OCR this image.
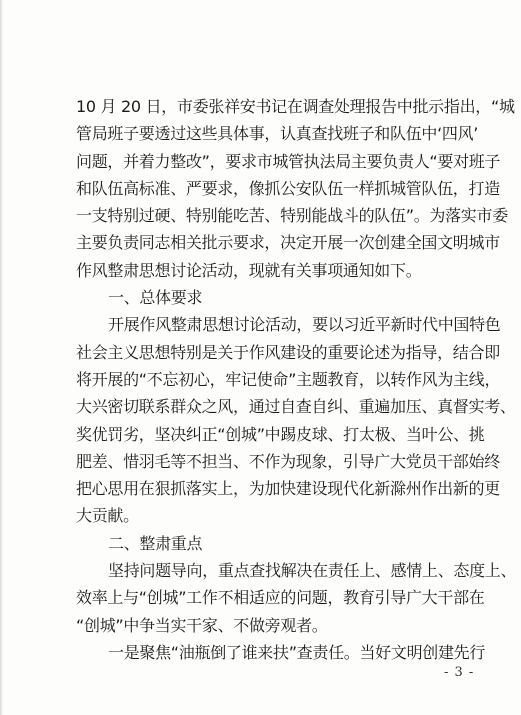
10 月 20 日，市委张祥安书记在调查处理报告中批示指出，“城
管局班子要透过这些具体事，认真查找班子和队伍中‘四风’
问题，并着力整改”，要求市城管执法局主要负责人“要对班子
和队伍高标准、严要求，像抓公安队伍一样抓城管队伍，打造
一支特别过硬、特别能吃苦、特别能战斗的队伍”。为落实市委
主要负责同志相关批示要求，决定开展一次创建全国文明城市
作风整肃思想讨论活动，现就有关事项通知如下。
一、总体要求
开展作风整肃思想讨论活动，要以习近平新时代中国特色
社会主义思想特别是关于作风建设的重要论述为指导，结合即
将开展的“不忘初心，牢记使命”主题教育，以转作风为主线，
大兴密切联系群众之风，通过自查自纠、重遍加压、真督实考、
奖优罚劣，坚决纠正“创城”中踢皮球、打太极、当叶公、挑
肥差、惜羽毛等不担当、不作为现象，引导广大党员干部始终
把心思用在狠抓落实上，为加快建设现代化新滁州作出新的更
大贡献。
二、整肃重点
坚持问题导向，重点查找解决在责任上、感情上、态度上、
效率上与“创城”工作不相适应的问题，教育引导广大干部在
“创城”中争当实干家、不做旁观者。
一是聚焦“油瓶倒了谁来扶”查责任。当好文明创建先行
- 3 -
